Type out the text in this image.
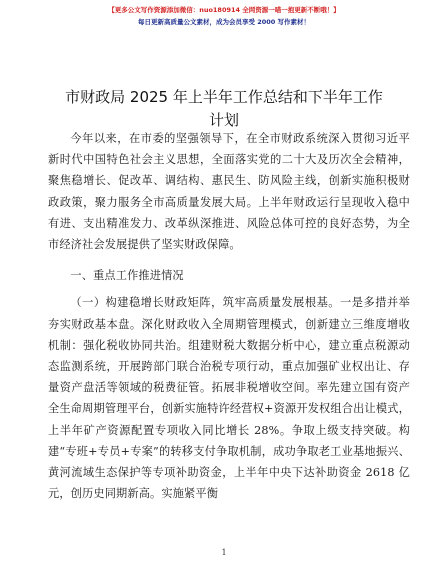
【更多公文写作资源添加微信：nuo180914 全网资源一喵一抱更新不断哦！】
每日更新高质量公文素材，成为会员享受 2000 写作素材！
市财政局 2025 年上半年工作总结和下半年工作
计划

今年以来，在市委的坚强领导下，在全市财政系统深入贯彻习近平新时代中国特色社会主义思想，全面落实党的二十大及历次全会精神，聚焦稳增长、促改革、调结构、惠民生、防风险主线，创新实施积极财政政策，聚力服务全市高质量发展大局。上半年财政运行呈现收入稳中有进、支出精准发力、改革纵深推进、风险总体可控的良好态势，为全市经济社会发展提供了坚实财政保障。

一、重点工作推进情况

（一）构建稳增长财政矩阵，筑牢高质量发展根基。一是多措并举夯实财政基本盘。深化财政收入全周期管理模式，创新建立三维度增收机制：强化税收协同共治。组建财税大数据分析中心，建立重点税源动态监测系统，开展跨部门联合治税专项行动，重点加强矿业权出让、存量资产盘活等领域的税费征管。拓展非税增收空间。率先建立国有资产全生命周期管理平台，创新实施特许经营权+资源开发权组合出让模式，上半年矿产资源配置专项收入同比增长 28%。争取上级支持突破。构建“专班+专员+专案”的转移支付争取机制，成功争取老工业基地振兴、黄河流域生态保护等专项补助资金，上半年中央下达补助资金 2618 亿元，创历史同期新高。实施紧平衡

1
